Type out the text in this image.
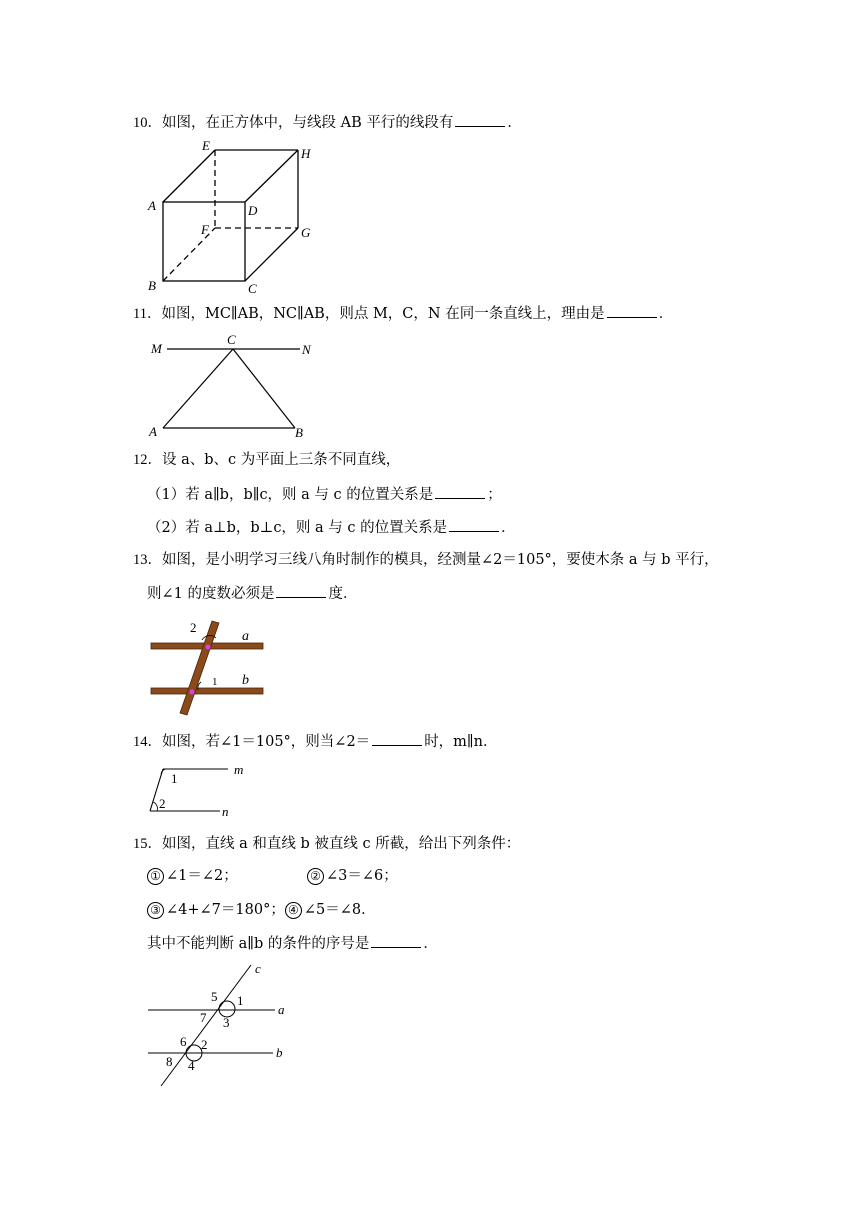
10．如图，在正方体中，与线段 AB 平行的线段有	．
E
H
A	D
F	G
B	C
11．如图，MC∥AB，NC∥AB，则点 M，C，N 在同一条直线上，理由是	．
M
C
N
A	B
12．设 a、b、c 为平面上三条不同直线，
（1）若 a∥b，b∥c，则 a 与 c 的位置关系是	；
（2）若 a⊥b，b⊥c，则 a 与 c 的位置关系是	．
13．如图，是小明学习三线八角时制作的模具，经测量∠2＝105°，要使木条 a 与 b 平行，
则∠1 的度数必须是	度．
2
a
1 b
14．如图，若∠1＝105°，则当∠2＝	时，m∥n．
m
1
2
n
15．如图，直线 a 和直线 b 被直线 c 所截，给出下列条件：
① ∠1＝∠2；	② ∠3＝∠6；
③ ∠4+∠7＝180°； ④ ∠5＝∠8．
其中不能判断 a∥b 的条件的序号是	．
c
5 1
a
7 3
6 2
b
8 4
